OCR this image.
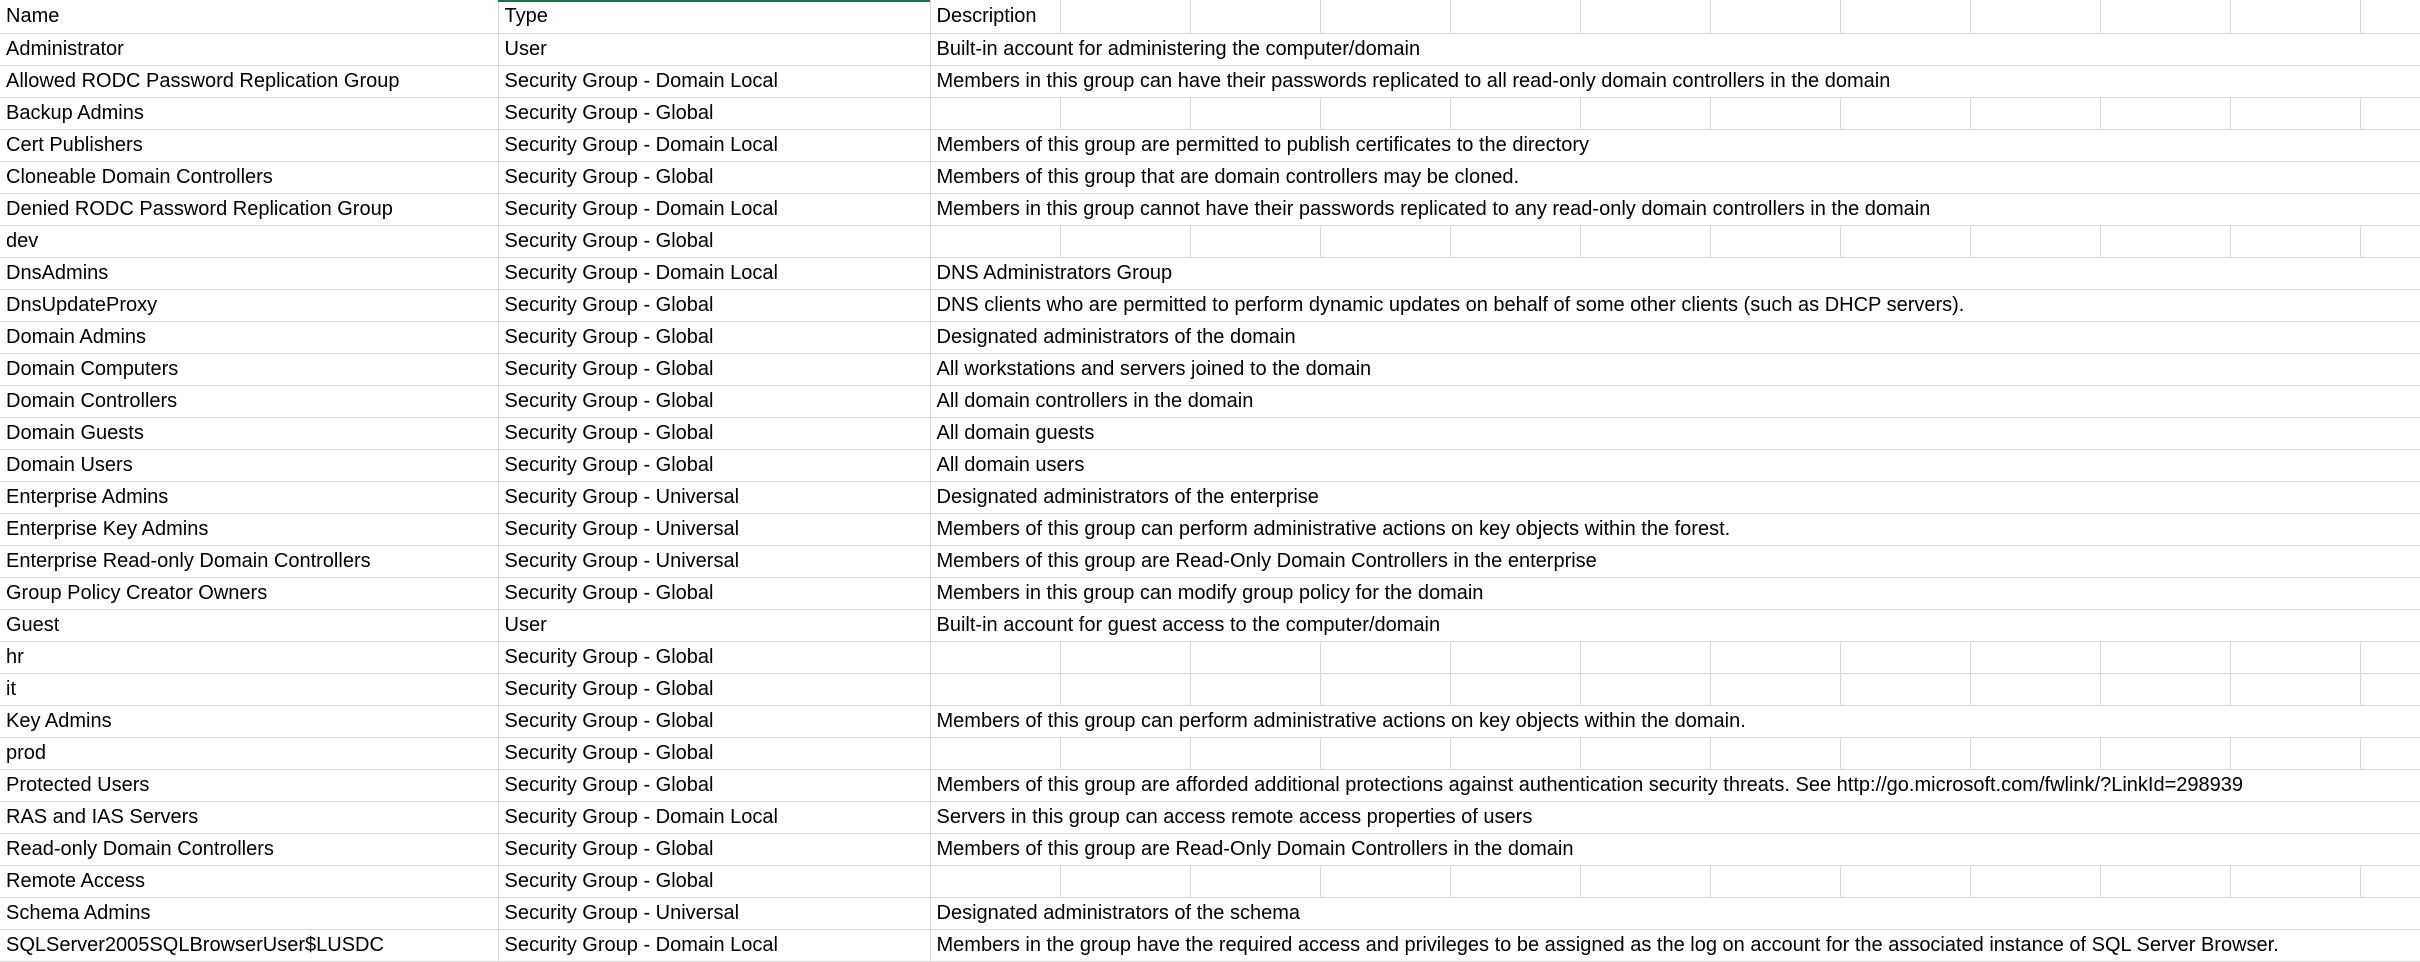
Name	Type	Description											
Administrator	User	Built-in account for administering the computer/domain											
Allowed RODC Password Replication Group	Security Group - Domain Local	Members in this group can have their passwords replicated to all read-only domain controllers in the domain											
Backup Admins	Security Group - Global												
Cert Publishers	Security Group - Domain Local	Members of this group are permitted to publish certificates to the directory											
Cloneable Domain Controllers	Security Group - Global	Members of this group that are domain controllers may be cloned.											
Denied RODC Password Replication Group	Security Group - Domain Local	Members in this group cannot have their passwords replicated to any read-only domain controllers in the domain											
dev	Security Group - Global												
DnsAdmins	Security Group - Domain Local	DNS Administrators Group											
DnsUpdateProxy	Security Group - Global	DNS clients who are permitted to perform dynamic updates on behalf of some other clients (such as DHCP servers).											
Domain Admins	Security Group - Global	Designated administrators of the domain											
Domain Computers	Security Group - Global	All workstations and servers joined to the domain											
Domain Controllers	Security Group - Global	All domain controllers in the domain											
Domain Guests	Security Group - Global	All domain guests											
Domain Users	Security Group - Global	All domain users											
Enterprise Admins	Security Group - Universal	Designated administrators of the enterprise											
Enterprise Key Admins	Security Group - Universal	Members of this group can perform administrative actions on key objects within the forest.											
Enterprise Read-only Domain Controllers	Security Group - Universal	Members of this group are Read-Only Domain Controllers in the enterprise											
Group Policy Creator Owners	Security Group - Global	Members in this group can modify group policy for the domain											
Guest	User	Built-in account for guest access to the computer/domain											
hr	Security Group - Global												
it	Security Group - Global												
Key Admins	Security Group - Global	Members of this group can perform administrative actions on key objects within the domain.											
prod	Security Group - Global												
Protected Users	Security Group - Global	Members of this group are afforded additional protections against authentication security threats. See http://go.microsoft.com/fwlink/?LinkId=298939											
RAS and IAS Servers	Security Group - Domain Local	Servers in this group can access remote access properties of users											
Read-only Domain Controllers	Security Group - Global	Members of this group are Read-Only Domain Controllers in the domain											
Remote Access	Security Group - Global												
Schema Admins	Security Group - Universal	Designated administrators of the schema											
SQLServer2005SQLBrowserUser$LUSDC	Security Group - Domain Local	Members in the group have the required access and privileges to be assigned as the log on account for the associated instance of SQL Server Browser.											
